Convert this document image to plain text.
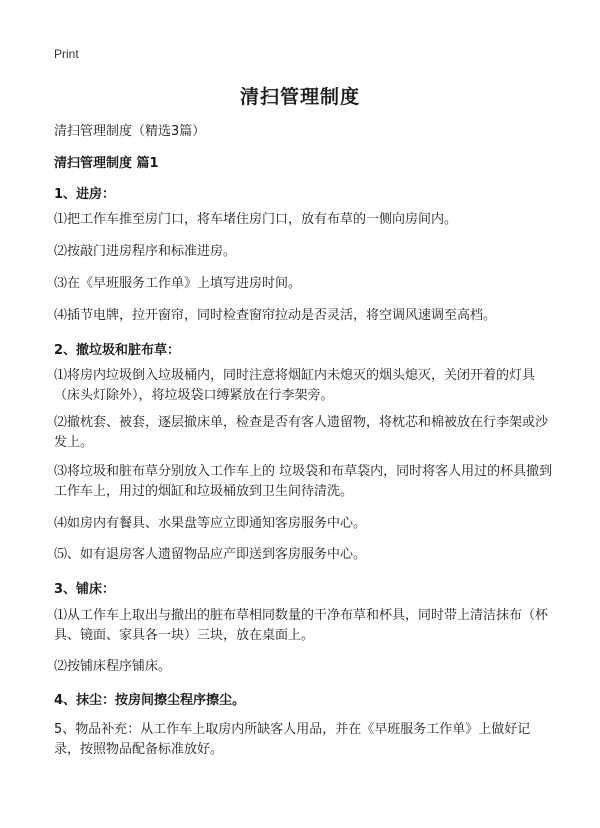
Print
清扫管理制度
清扫管理制度（精选3篇）
清扫管理制度 篇1
1、进房：
⑴把工作车推至房门口，将车堵住房门口，放有布草的一侧向房间内。
⑵按敲门进房程序和标准进房。
⑶在《早班服务工作单》上填写进房时间。
⑷插节电牌，拉开窗帘，同时检查窗帘拉动是否灵活，将空调风速调至高档。
2、撤垃圾和脏布草：
⑴将房内垃圾倒入垃圾桶内，同时注意将烟缸内未熄灭的烟头熄灭，关闭开着的灯具（床头灯除外），将垃圾袋口缚紧放在行李架旁。
⑵撤枕套、被套，逐层撤床单，检查是否有客人遗留物，将枕芯和棉被放在行李架或沙发上。
⑶将垃圾和脏布草分别放入工作车上的 垃圾袋和布草袋内，同时将客人用过的杯具撤到工作车上，用过的烟缸和垃圾桶放到卫生间待清洗。
⑷如房内有餐具、水果盘等应立即通知客房服务中心。
⑸、如有退房客人遗留物品应产即送到客房服务中心。
3、铺床：
⑴从工作车上取出与撤出的脏布草相同数量的干净布草和杯具，同时带上清洁抹布（杯具、镜面、家具各一块）三块，放在桌面上。
⑵按铺床程序铺床。
4、抹尘：按房间擦尘程序擦尘。
5、物品补充：从工作车上取房内所缺客人用品，并在《早班服务工作单》上做好记录，按照物品配备标准放好。
